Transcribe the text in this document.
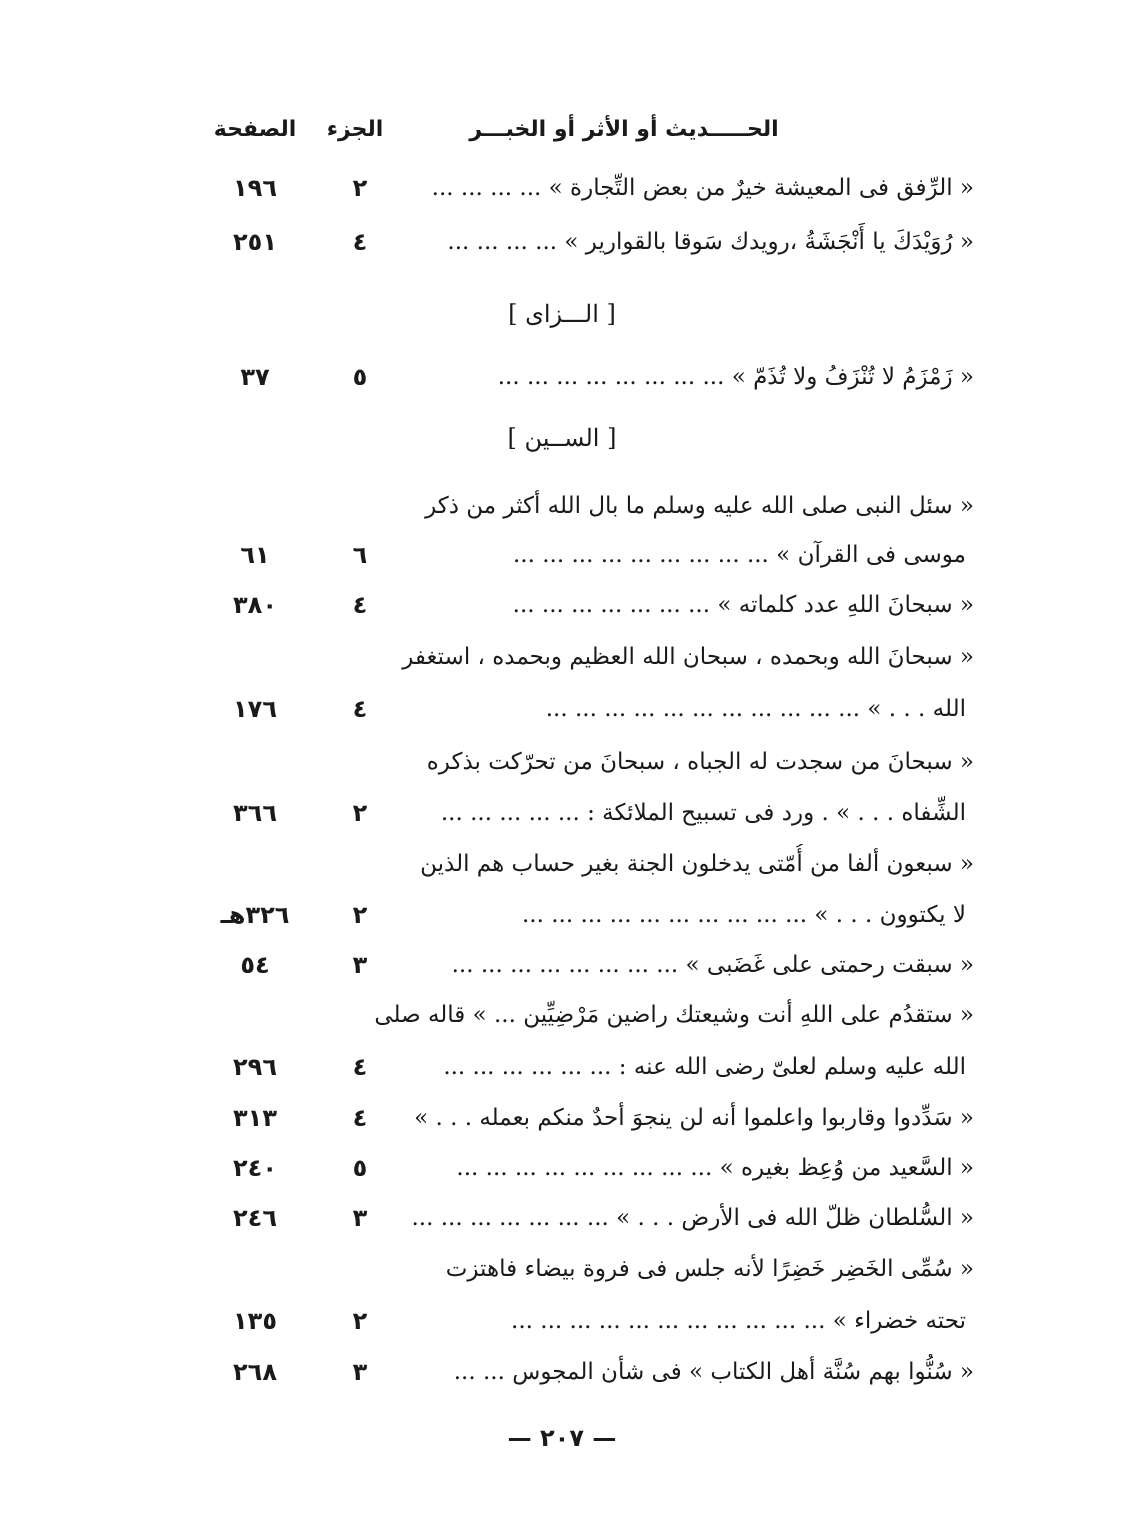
الحـــــديث أو الأثر أو الخبـــر
الجزء
الصفحة
« الرِّفق فى المعيشة خيرٌ من بعض التِّجارة » ... ... ... ...
٢
١٩٦
« رُوَيْدَكَ يا أَنْجَشَةُ ،رويدك سَوقا بالقوارير » ... ... ... ...
٤
٢٥١
[ الـــزاى ]
« زَمْزَمُ لا تُنْزَفُ ولا تُذَمّ » ... ... ... ... ... ... ... ...
٥
٣٧
[ الســين ]
« سئل النبى صلى الله عليه وسلم ما بال الله أكثر من ذكر
موسى فى القرآن » ... ... ... ... ... ... ... ... ...
٦
٦١
« سبحانَ اللهِ عدد كلماته » ... ... ... ... ... ... ...
٤
٣٨٠
« سبحانَ الله وبحمده ، سبحان الله العظيم وبحمده ، استغفر
الله . . . » ... ... ... ... ... ... ... ... ... ... ...
٤
١٧٦
« سبحانَ من سجدت له الجباه ، سبحانَ من تحرّكت بذكره
الشِّفاه . . . » . ورد فى تسبيح الملائكة : ... ... ... ... ...
٢
٣٦٦
« سبعون ألفا من أُمّتى يدخلون الجنة بغير حساب هم الذين
لا يكتوون . . . » ... ... ... ... ... ... ... ... ... ...
٢
٣٢٦هـ
« سبقت رحمتى على غَضَبى » ... ... ... ... ... ... ... ...
٣
٥٤
« ستقدُم على اللهِ أنت وشيعتك راضين مَرْضِيِّين ... » قاله صلى
الله عليه وسلم لعلىّ رضى الله عنه : ... ... ... ... ... ...
٤
٢٩٦
« سَدِّدوا وقاربوا واعلموا أنه لن ينجوَ أحدٌ منكم بعمله . . . »
٤
٣١٣
« السَّعيد من وُعِظ بغيره » ... ... ... ... ... ... ... ... ...
٥
٢٤٠
« السُّلطان ظلّ الله فى الأرض . . . » ... ... ... ... ... ... ...
٣
٢٤٦
« سُمِّى الخَضِر خَضِرًا لأنه جلس فى فروة بيضاء فاهتزت
تحته خضراء » ... ... ... ... ... ... ... ... ... ... ...
٢
١٣٥
« سُنُّوا بهم سُنَّة أهل الكتاب » فى شأن المجوس ... ...
٣
٢٦٨
— ٢٠٧ —
